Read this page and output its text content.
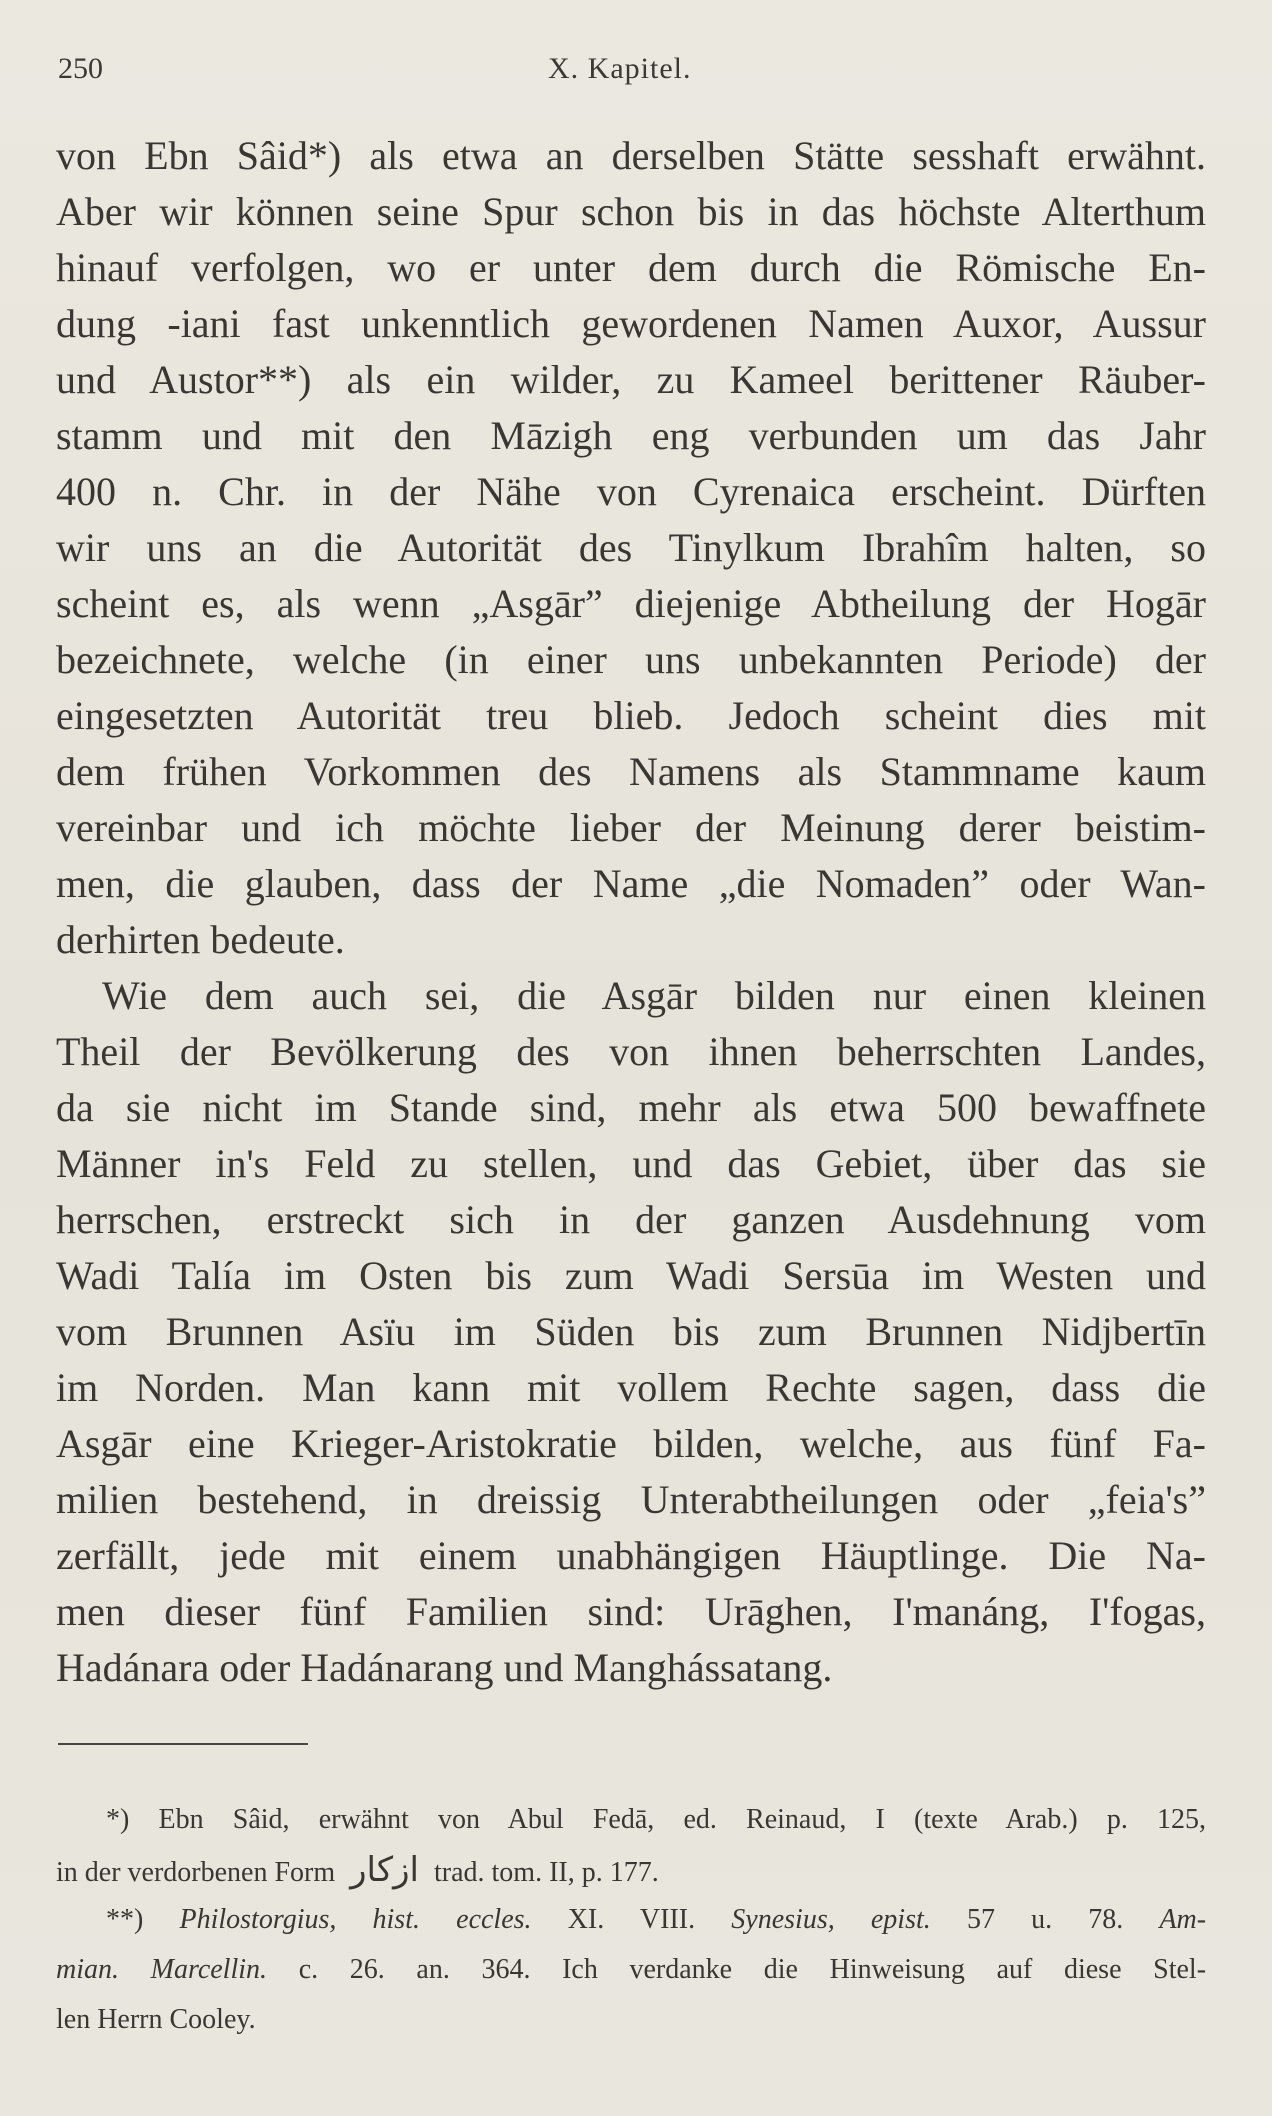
250	X. Kapitel.
von Ebn Sâid*) als etwa an derselben Stätte sesshaft erwähnt.
Aber wir können seine Spur schon bis in das höchste Alterthum
hinauf verfolgen, wo er unter dem durch die Römische En-
dung -iani fast unkenntlich gewordenen Namen Auxor, Aussur
und Austor**) als ein wilder, zu Kameel berittener Räuber-
stamm und mit den Māzigh eng verbunden um das Jahr
400 n. Chr. in der Nähe von Cyrenaica erscheint. Dürften
wir uns an die Autorität des Tinylkum Ibrahîm halten, so
scheint es, als wenn „Asgār” diejenige Abtheilung der Hogār
bezeichnete, welche (in einer uns unbekannten Periode) der
eingesetzten Autorität treu blieb. Jedoch scheint dies mit
dem frühen Vorkommen des Namens als Stammname kaum
vereinbar und ich möchte lieber der Meinung derer beistim-
men, die glauben, dass der Name „die Nomaden” oder Wan-
derhirten bedeute.
Wie dem auch sei, die Asgār bilden nur einen kleinen
Theil der Bevölkerung des von ihnen beherrschten Landes,
da sie nicht im Stande sind, mehr als etwa 500 bewaffnete
Männer in's Feld zu stellen, und das Gebiet, über das sie
herrschen, erstreckt sich in der ganzen Ausdehnung vom
Wadi Talía im Osten bis zum Wadi Sersūa im Westen und
vom Brunnen Asïu im Süden bis zum Brunnen Nidjbertīn
im Norden. Man kann mit vollem Rechte sagen, dass die
Asgār eine Krieger-Aristokratie bilden, welche, aus fünf Fa-
milien bestehend, in dreissig Unterabtheilungen oder „feia's”
zerfällt, jede mit einem unabhängigen Häuptlinge. Die Na-
men dieser fünf Familien sind: Urāghen, I'manáng, I'fogas,
Hadánara oder Hadánarang und Manghássatang.
*) Ebn Sâid, erwähnt von Abul Fedā, ed. Reinaud, I (texte Arab.) p. 125,
in der verdorbenen Form ازكار trad. tom. II, p. 177.
**) Philostorgius, hist. eccles. XI. VIII. Synesius, epist. 57 u. 78. Am-
mian. Marcellin. c. 26. an. 364. Ich verdanke die Hinweisung auf diese Stel-
len Herrn Cooley.
